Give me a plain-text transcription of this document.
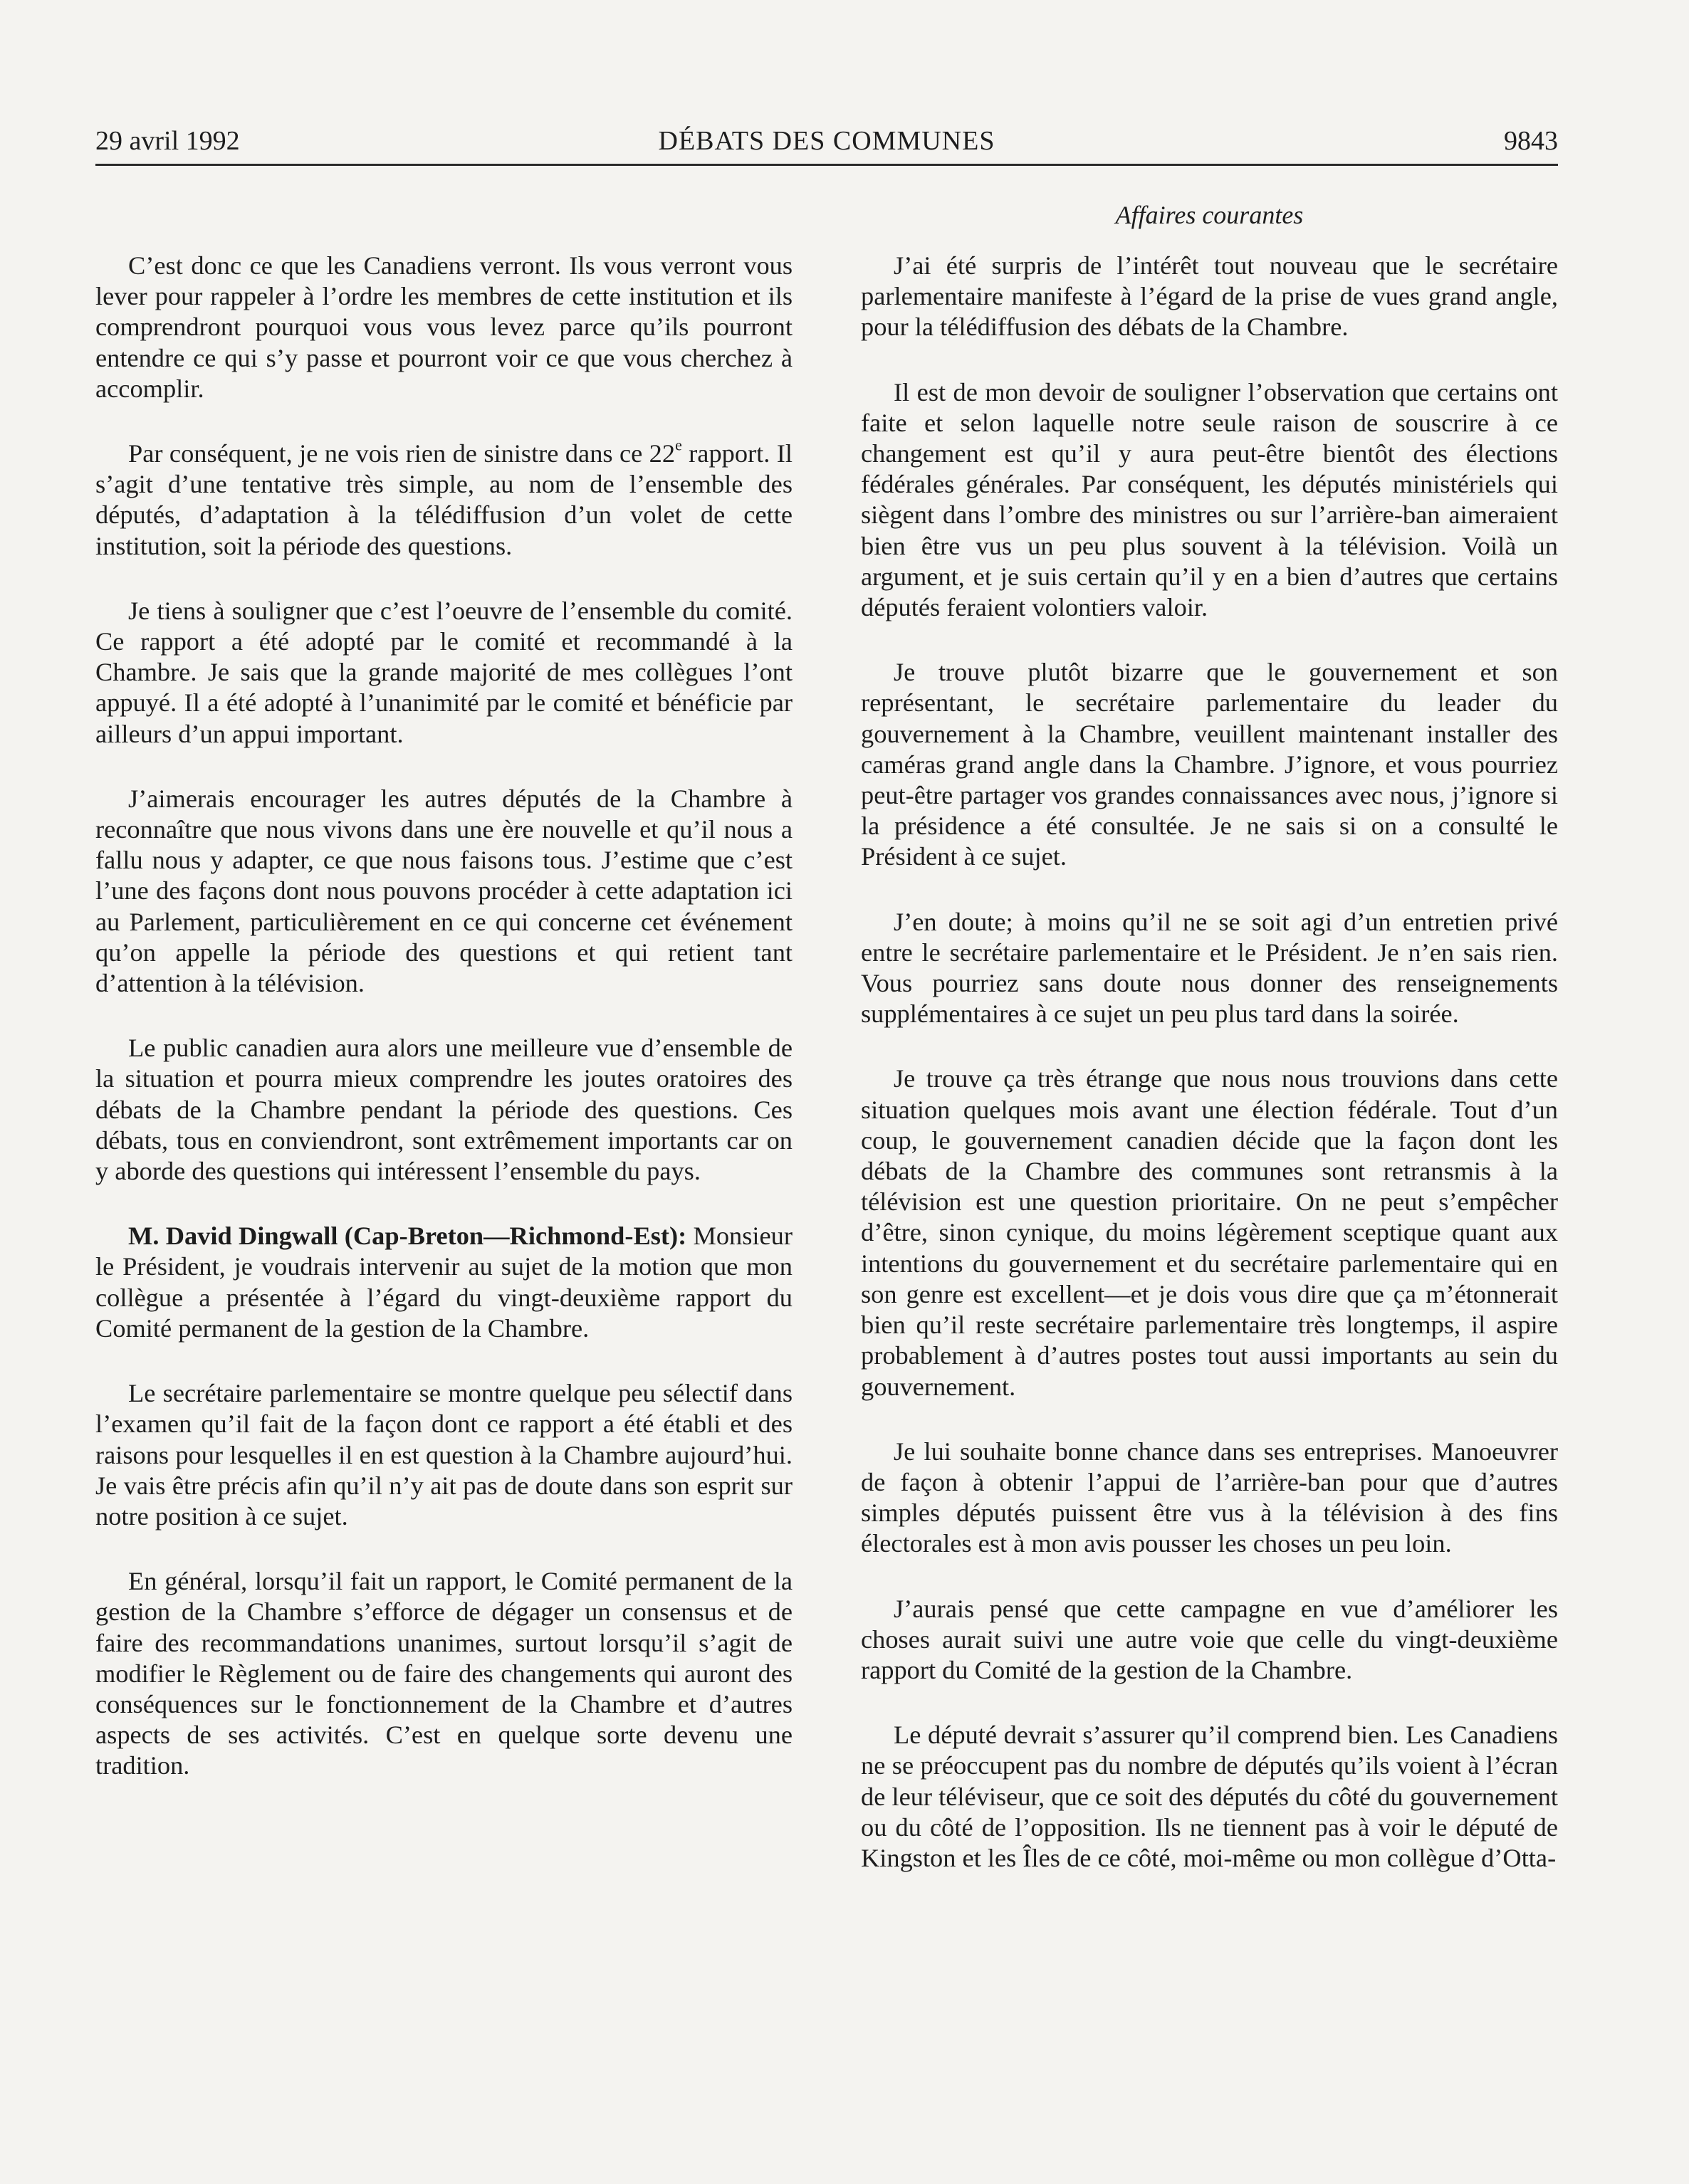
29 avril 1992	DÉBATS DES COMMUNES	9843
Affaires courantes

C’est donc ce que les Canadiens verront. Ils vous verront vous lever pour rappeler à l’ordre les membres de cette institution et ils comprendront pourquoi vous vous levez parce qu’ils pourront entendre ce qui s’y passe et pourront voir ce que vous cherchez à accomplir.

Par conséquent, je ne vois rien de sinistre dans ce 22e rapport. Il s’agit d’une tentative très simple, au nom de l’ensemble des députés, d’adaptation à la télédiffusion d’un volet de cette institution, soit la période des questions.

Je tiens à souligner que c’est l’oeuvre de l’ensemble du comité. Ce rapport a été adopté par le comité et recommandé à la Chambre. Je sais que la grande majorité de mes collègues l’ont appuyé. Il a été adopté à l’unanimité par le comité et bénéficie par ailleurs d’un appui important.

J’aimerais encourager les autres députés de la Chambre à reconnaître que nous vivons dans une ère nouvelle et qu’il nous a fallu nous y adapter, ce que nous faisons tous. J’estime que c’est l’une des façons dont nous pouvons procéder à cette adaptation ici au Parlement, particulièrement en ce qui concerne cet événement qu’on appelle la période des questions et qui retient tant d’attention à la télévision.

Le public canadien aura alors une meilleure vue d’ensemble de la situation et pourra mieux comprendre les joutes oratoires des débats de la Chambre pendant la période des questions. Ces débats, tous en conviendront, sont extrêmement importants car on y aborde des questions qui intéressent l’ensemble du pays.

M. David Dingwall (Cap-Breton—Richmond-Est): Monsieur le Président, je voudrais intervenir au sujet de la motion que mon collègue a présentée à l’égard du vingt-deuxième rapport du Comité permanent de la gestion de la Chambre.

Le secrétaire parlementaire se montre quelque peu sélectif dans l’examen qu’il fait de la façon dont ce rapport a été établi et des raisons pour lesquelles il en est question à la Chambre aujourd’hui. Je vais être précis afin qu’il n’y ait pas de doute dans son esprit sur notre position à ce sujet.

En général, lorsqu’il fait un rapport, le Comité permanent de la gestion de la Chambre s’efforce de dégager un consensus et de faire des recommandations unanimes, surtout lorsqu’il s’agit de modifier le Règlement ou de faire des changements qui auront des conséquences sur le fonctionnement de la Chambre et d’autres aspects de ses activités. C’est en quelque sorte devenu une tradition.

J’ai été surpris de l’intérêt tout nouveau que le secrétaire parlementaire manifeste à l’égard de la prise de vues grand angle, pour la télédiffusion des débats de la Chambre.

Il est de mon devoir de souligner l’observation que certains ont faite et selon laquelle notre seule raison de souscrire à ce changement est qu’il y aura peut-être bientôt des élections fédérales générales. Par conséquent, les députés ministériels qui siègent dans l’ombre des ministres ou sur l’arrière-ban aimeraient bien être vus un peu plus souvent à la télévision. Voilà un argument, et je suis certain qu’il y en a bien d’autres que certains députés feraient volontiers valoir.

Je trouve plutôt bizarre que le gouvernement et son représentant, le secrétaire parlementaire du leader du gouvernement à la Chambre, veuillent maintenant installer des caméras grand angle dans la Chambre. J’ignore, et vous pourriez peut-être partager vos grandes connaissances avec nous, j’ignore si la présidence a été consultée. Je ne sais si on a consulté le Président à ce sujet.

J’en doute; à moins qu’il ne se soit agi d’un entretien privé entre le secrétaire parlementaire et le Président. Je n’en sais rien. Vous pourriez sans doute nous donner des renseignements supplémentaires à ce sujet un peu plus tard dans la soirée.

Je trouve ça très étrange que nous nous trouvions dans cette situation quelques mois avant une élection fédérale. Tout d’un coup, le gouvernement canadien décide que la façon dont les débats de la Chambre des communes sont retransmis à la télévision est une question prioritaire. On ne peut s’empêcher d’être, sinon cynique, du moins légèrement sceptique quant aux intentions du gouvernement et du secrétaire parlementaire qui en son genre est excellent—et je dois vous dire que ça m’étonnerait bien qu’il reste secrétaire parlementaire très longtemps, il aspire probablement à d’autres postes tout aussi importants au sein du gouvernement.

Je lui souhaite bonne chance dans ses entreprises. Manoeuvrer de façon à obtenir l’appui de l’arrière-ban pour que d’autres simples députés puissent être vus à la télévision à des fins électorales est à mon avis pousser les choses un peu loin.

J’aurais pensé que cette campagne en vue d’améliorer les choses aurait suivi une autre voie que celle du vingt-deuxième rapport du Comité de la gestion de la Chambre.

Le député devrait s’assurer qu’il comprend bien. Les Canadiens ne se préoccupent pas du nombre de députés qu’ils voient à l’écran de leur téléviseur, que ce soit des députés du côté du gouvernement ou du côté de l’opposition. Ils ne tiennent pas à voir le député de Kingston et les Îles de ce côté, moi-même ou mon collègue d’Otta-
